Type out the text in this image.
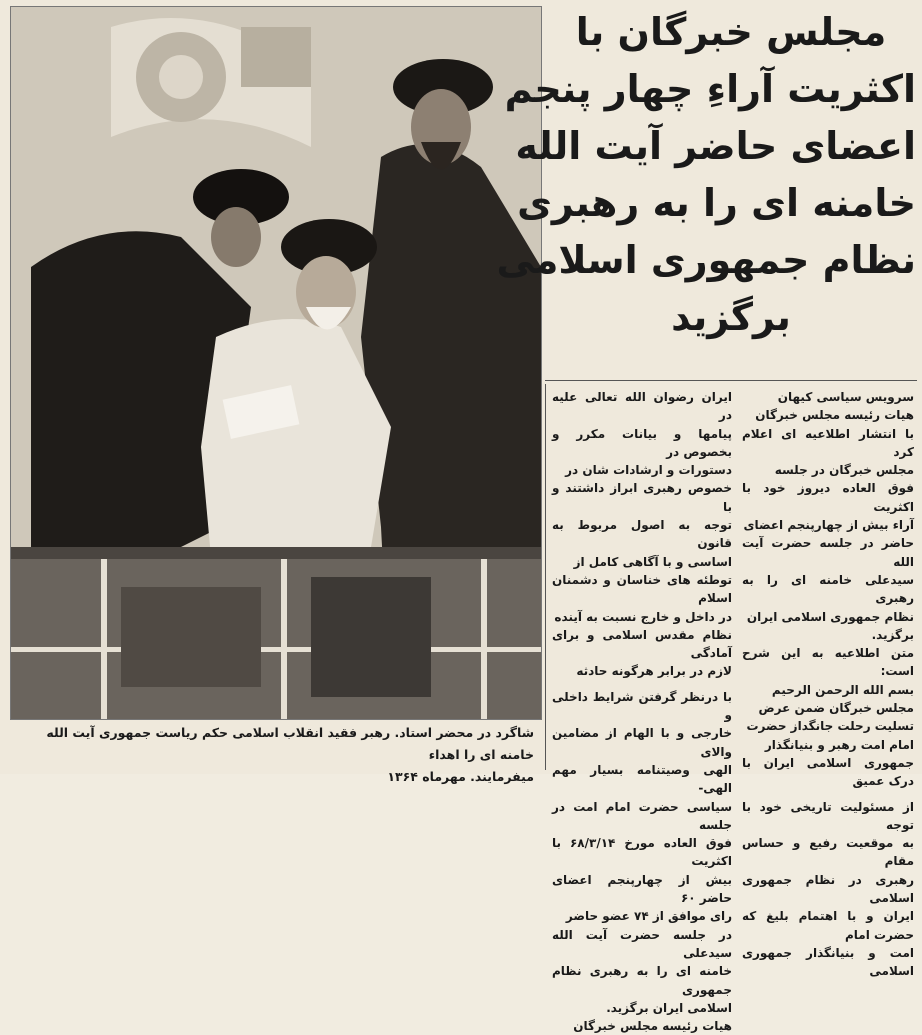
شاگرد در محضر استاد. رهبر فقید انقلاب اسلامی حکم ریاست جمهوری آیت الله خامنه ای را اهداء
میفرمایند. مهرماه ۱۳۶۴
مجلس خبرگان با
اکثریت آراءِ چهار پنجم
اعضای حاضر آیت الله
خامنه ای را به رهبری
نظام جمهوری اسلامی
برگزید

سرویس سیاسی کیهان

هیات رئیسه مجلس خبرگان

با انتشار اطلاعیه ای اعلام کرد

مجلس خبرگان در جلسه

فوق العاده دیروز خود با اکثریت

آراء بیش از چهارپنجم اعضای

حاضر در جلسه حضرت آیت الله

سیدعلی خامنه ای را به رهبری

نظام جمهوری اسلامی ایران

برگزید.

متن اطلاعیه به این شرح است:

بسم الله الرحمن الرحیم

مجلس خبرگان ضمن عرض

تسلیت رحلت جانگداز حضرت

امام امت رهبر و بنیانگذار

جمهوری اسلامی ایران با درک عمیق

از مسئولیت تاریخی خود با توجه

به موقعیت رفیع و حساس مقام

رهبری در نظام جمهوری اسلامی

ایران و با اهتمام بلیغ که حضرت امام

امت و بنیانگذار جمهوری اسلامی

ایران رضوان الله تعالی علیه در

پیامها و بیانات مکرر و بخصوص در

دستورات و ارشادات شان در

خصوص رهبری ابراز داشتند و با

توجه به اصول مربوط به قانون

اساسی و با آگاهی کامل از

توطئه های خناسان و دشمنان اسلام

در داخل و خارج نسبت به آینده

نظام مقدس اسلامی و برای آمادگی

لازم در برابر هرگونه حادثه

با درنظر گرفتن شرایط داخلی و

خارجی و با الهام از مضامین والای

الهی وصیتنامه بسیار مهم الهی-

سیاسی حضرت امام امت در جلسه

فوق العاده مورخ ۶۸/۳/۱۴ با اکثریت

بیش از چهارپنجم اعضای حاضر ۶۰

رای موافق از ۷۴ عضو حاضر

در جلسه حضرت آیت الله سیدعلی

خامنه ای را به رهبری نظام جمهوری

اسلامی ایران برگزید.

هیات رئیسه مجلس خبرگان
